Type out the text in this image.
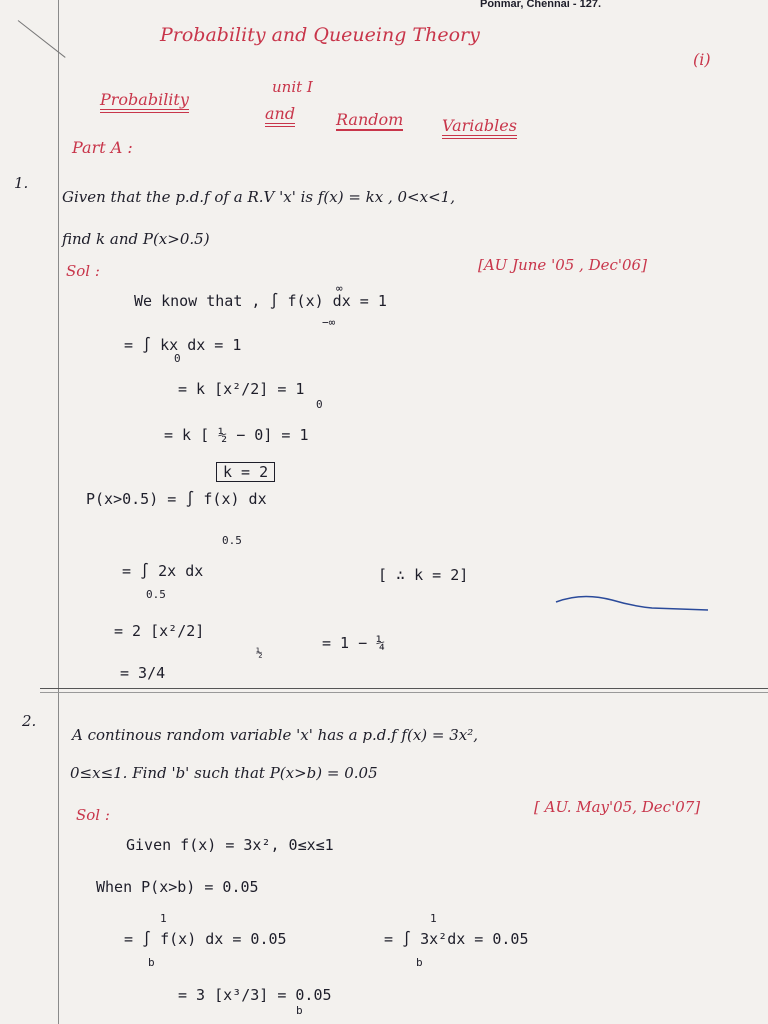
Ponmar, Chennai - 127.
Probability and Queueing Theory
(i)
unit I
Probability
and	Random Variables
Part A :
1.
Given that the p.d.f of a R.V 'x' is f(x) = kx , 0<x<1,
find k and P(x>0.5)
[AU June '05 , Dec'06]
Sol :
We know that , ∫ f(x) dx = 1
∞
−∞
= ∫ kx dx = 1
0
= k [x²/2] = 1
0
= k [ ½ − 0] = 1
k = 2
P(x>0.5) = ∫ f(x) dx
0.5
= ∫ 2x dx
0.5
[ ∴ k = 2]
= 2 [x²/2]
½
= 1 − ¼
= 3/4
2.
A continous random variable 'x' has a p.d.f f(x) = 3x²,
0≤x≤1. Find 'b' such that P(x>b) = 0.05
[ AU. May'05, Dec'07]
Sol :
Given f(x) = 3x², 0≤x≤1
When P(x>b) = 0.05
= ∫ f(x) dx = 0.05
1
b
= ∫ 3x²dx = 0.05
1
b
= 3 [x³/3] = 0.05
b
